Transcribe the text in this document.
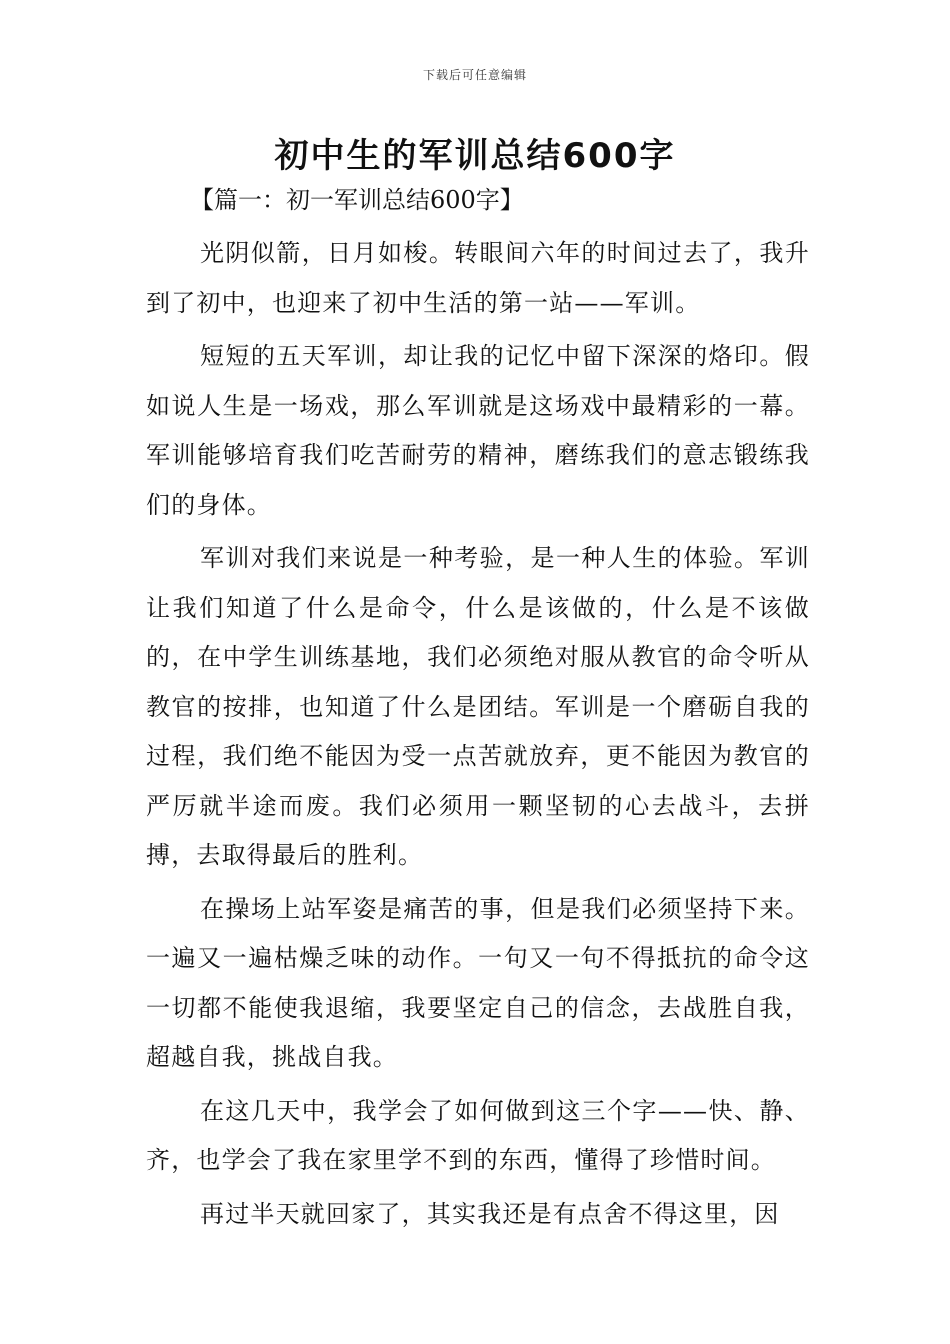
下载后可任意编辑
初中生的军训总结600字
【篇一：初一军训总结600字】

光阴似箭，日月如梭。转眼间六年的时间过去了，我升到了初中，也迎来了初中生活的第一站——军训。

短短的五天军训，却让我的记忆中留下深深的烙印。假如说人生是一场戏，那么军训就是这场戏中最精彩的一幕。军训能够培育我们吃苦耐劳的精神，磨练我们的意志锻练我们的身体。

军训对我们来说是一种考验，是一种人生的体验。军训让我们知道了什么是命令，什么是该做的，什么是不该做的，在中学生训练基地，我们必须绝对服从教官的命令听从教官的按排，也知道了什么是团结。军训是一个磨砺自我的过程，我们绝不能因为受一点苦就放弃，更不能因为教官的严厉就半途而废。我们必须用一颗坚韧的心去战斗，去拼搏，去取得最后的胜利。

在操场上站军姿是痛苦的事，但是我们必须坚持下来。一遍又一遍枯燥乏味的动作。一句又一句不得抵抗的命令这一切都不能使我退缩，我要坚定自己的信念，去战胜自我，超越自我，挑战自我。

在这几天中，我学会了如何做到这三个字——快、静、齐，也学会了我在家里学不到的东西，懂得了珍惜时间。

再过半天就回家了，其实我还是有点舍不得这里，因
